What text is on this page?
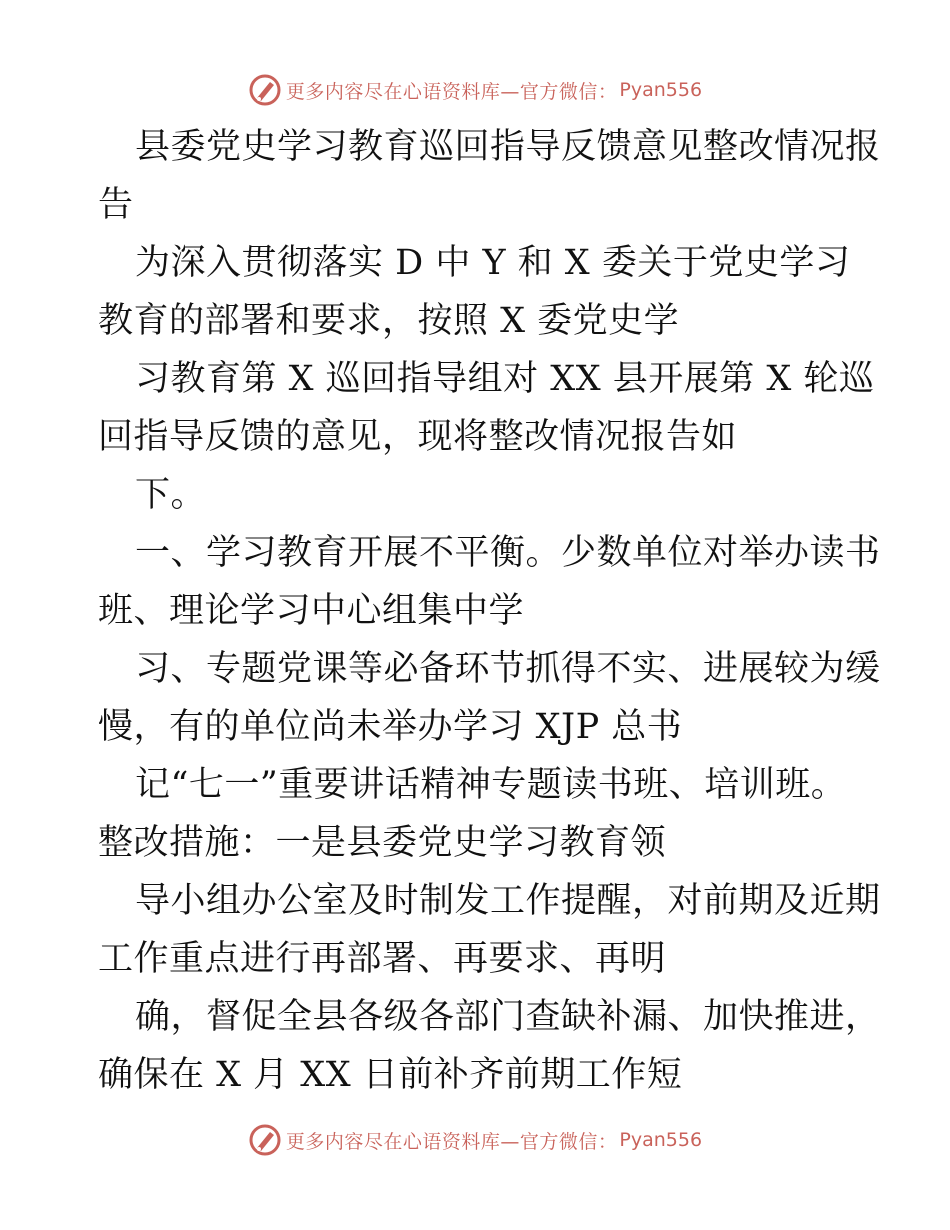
更多内容尽在心语资料库—官方微信： Pyan556
县委党史学习教育巡回指导反馈意见整改情况报
告
为深入贯彻落实 D 中 Y 和 X 委关于党史学习
教育的部署和要求，按照 X 委党史学
习教育第 X 巡回指导组对 XX 县开展第 X 轮巡
回指导反馈的意见，现将整改情况报告如
下。
一、学习教育开展不平衡。少数单位对举办读书
班、理论学习中心组集中学
习、专题党课等必备环节抓得不实、进展较为缓
慢，有的单位尚未举办学习 XJP 总书
记“七一”重要讲话精神专题读书班、培训班。
整改措施：一是县委党史学习教育领
导小组办公室及时制发工作提醒，对前期及近期
工作重点进行再部署、再要求、再明
确，督促全县各级各部门查缺补漏、加快推进，
确保在 X 月 XX 日前补齐前期工作短
更多内容尽在心语资料库—官方微信： Pyan556
